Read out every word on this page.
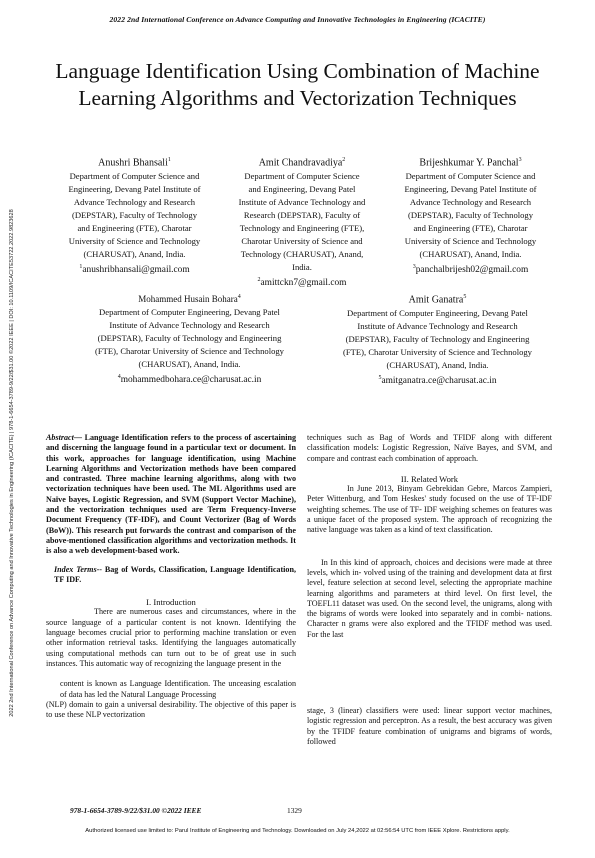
2022 2nd International Conference on Advance Computing and Innovative Technologies in Engineering (ICACITE)
2022 2nd International Conference on Advance Computing and Innovative Technologies in Engineering (ICACITE) | 978-1-6654-3789-9/22/$31.00 ©2022 IEEE | DOI: 10.1109/ICACITE53722.2022.9823628
Language Identification Using Combination of Machine Learning Algorithms and Vectorization Techniques
Anushri Bhansali$^1$
Department of Computer Science and
Engineering, Devang Patel Institute of
Advance Technology and Research
(DEPSTAR), Faculty of Technology
and Engineering (FTE), Charotar
University of Science and Technology
(CHARUSAT), Anand, India.
$^1$anushribhansali@gmail.com
Amit Chandravadiya$^2$
Department of Computer Science
and Engineering, Devang Patel
Institute of Advance Technology and
Research (DEPSTAR), Faculty of
Technology and Engineering (FTE),
Charotar University of Science and
Technology (CHARUSAT), Anand,
India.
$^2$amittckn7@gmail.com
Brijeshkumar Y. Panchal$^3$
Department of Computer Science and
Engineering, Devang Patel Institute of
Advance Technology and Research
(DEPSTAR), Faculty of Technology
and Engineering (FTE), Charotar
University of Science and Technology
(CHARUSAT), Anand, India.
$^3$panchalbrijesh02@gmail.com
Mohammed Husain Bohara$^4$
Department of Computer Engineering, Devang Patel
Institute of Advance Technology and Research
(DEPSTAR), Faculty of Technology and Engineering
(FTE), Charotar University of Science and Technology
(CHARUSAT), Anand, India.
$^4$mohammedbohara.ce@charusat.ac.in
Amit Ganatra$^5$
Department of Computer Engineering, Devang Patel
Institute of Advance Technology and Research
(DEPSTAR), Faculty of Technology and Engineering
(FTE), Charotar University of Science and Technology
(CHARUSAT), Anand, India.
$^5$amitganatra.ce@charusat.ac.in

Abstract— Language Identification refers to the process of ascertaining and discerning the language found in a particular text or document. In this work, approaches for language identification, using Machine Learning Algorithms and Vectorization methods have been compared and contrasted. Three machine learning algorithms, along with two vectorization techniques have been used. The ML Algorithms used are Naïve bayes, Logistic Regression, and SVM (Support Vector Machine), and the vectorization techniques used are Term Frequency-Inverse Document Frequency (TF-IDF), and Count Vectorizer (Bag of Words (BoW)). This research put forwards the contrast and comparison of the above-mentioned classification algorithms and vectorization methods. It is also a web development-based work.

Index Terms-- Bag of Words, Classification, Language Identification, TF IDF.

I. Introduction

There are numerous cases and circumstances, where in the source language of a particular content is not known. Identifying the language becomes crucial prior to performing machine translation or even other information retrieval tasks. Identifying the languages automatically using computational methods can turn out to be of great use in such instances. This automatic way of recognizing the language present in the

content is known as Language Identification. The unceasing escalation of data has led the Natural Language Processing

(NLP) domain to gain a universal desirability. The objective of this paper is to use these NLP vectorization

techniques such as Bag of Words and TFIDF along with different classification models: Logistic Regression, Naïve Bayes, and SVM, and compare and contrast each combination of approach.

II. Related Work

In June 2013, Binyam Gebrekidan Gebre, Marcos Zampieri, Peter Wittenburg, and Tom Heskes' study focused on the use of TF-IDF weighting schemes. The use of TF- IDF weighing schemes on features was a unique facet of the proposed system. The approach of recognizing the native language was taken as a kind of text classification.

In In this kind of approach, choices and decisions were made at three levels, which in- volved using of the training and development data at first level, feature selection at second level, selecting the appropriate machine learning algorithms and parameters at third level. On first level, the TOEFL11 dataset was used. On the second level, the unigrams, along with the bigrams of words were looked into separately and in combi- nations. Character n grams were also explored and the TFIDF method was used. For the last

stage, 3 (linear) classifiers were used: linear support vector machines, logistic regression and perceptron. As a result, the best accuracy was given by the TFIDF feature combination of unigrams and bigrams of words, followed

978-1-6654-3789-9/22/$31.00 ©2022 IEEE	1329
Authorized licensed use limited to: Parul Institute of Engineering and Technology. Downloaded on July 24,2022 at 02:56:54 UTC from IEEE Xplore. Restrictions apply.
